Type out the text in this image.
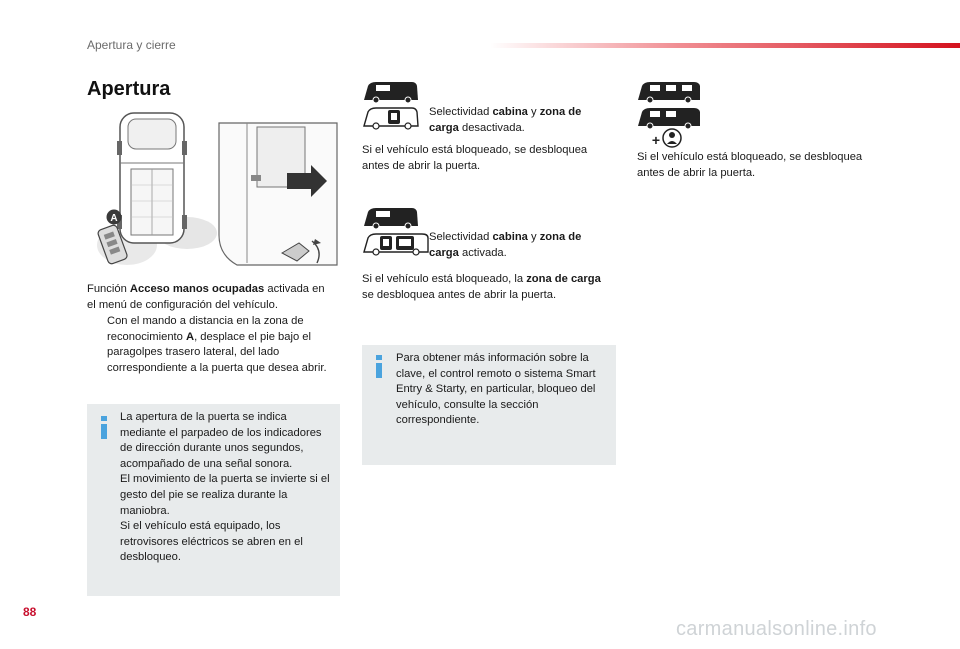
Apertura y cierre
Apertura
A
Función Acceso manos ocupadas activada en el menú de configuración del vehículo.
Con el mando a distancia en la zona de reconocimiento A, desplace el pie bajo el paragolpes trasero lateral, del lado correspondiente a la puerta que desea abrir.
La apertura de la puerta se indica mediante el parpadeo de los indicadores de dirección durante unos segundos, acompañado de una señal sonora.
El movimiento de la puerta se invierte si el gesto del pie se realiza durante la maniobra.
Si el vehículo está equipado, los retrovisores eléctricos se abren en el desbloqueo.
Selectividad cabina y zona de carga desactivada.
Si el vehículo está bloqueado, se desbloquea antes de abrir la puerta.
Selectividad cabina y zona de carga activada.
Si el vehículo está bloqueado, la zona de carga se desbloquea antes de abrir la puerta.
Para obtener más información sobre la clave, el control remoto o sistema Smart Entry & Starty, en particular, bloqueo del vehículo, consulte la sección correspondiente.
+
Si el vehículo está bloqueado, se desbloquea antes de abrir la puerta.
88
carmanualsonline.info
